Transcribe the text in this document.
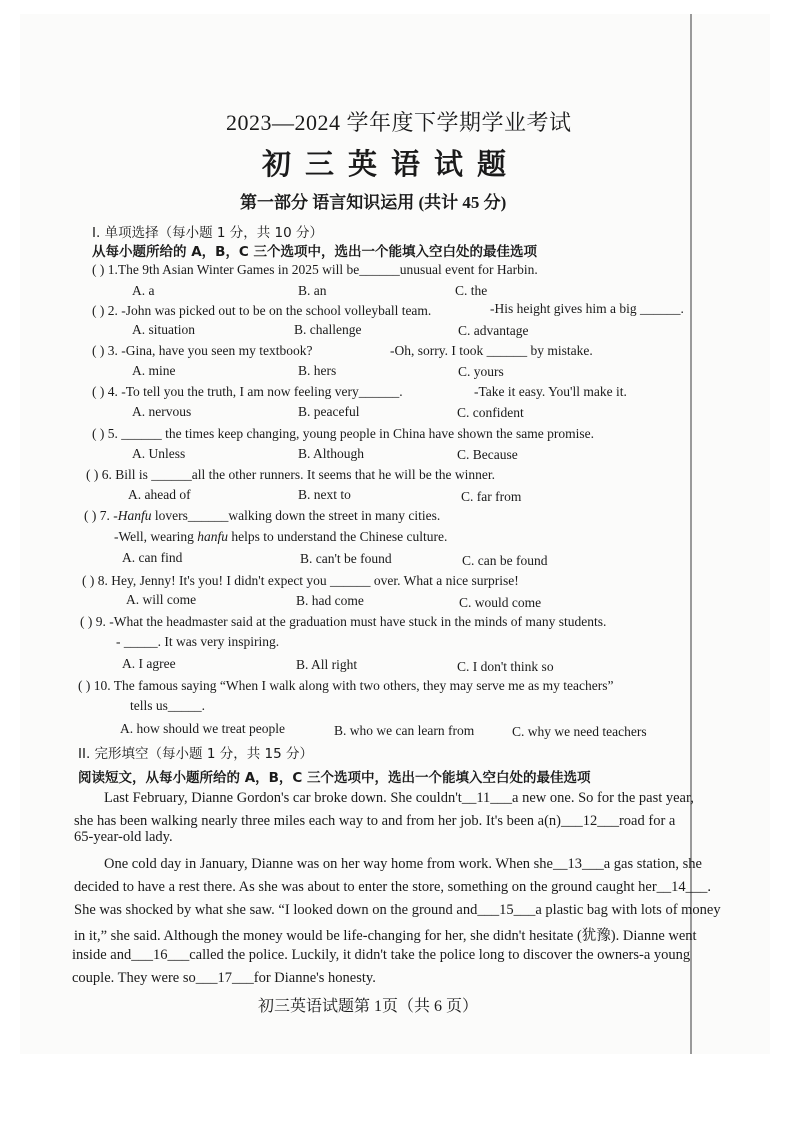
2023—2024 学年度下学期学业考试
初三英语试题
第一部分 语言知识运用 (共计 45 分)
I. 单项选择（每小题 1 分，共 10 分）
从每小题所给的 A，B，C 三个选项中，选出一个能填入空白处的最佳选项
( ) 1.The 9th Asian Winter Games in 2025 will be______unusual event for Harbin.
A. a	B. an	C. the
( ) 2. -John was picked out to be on the school volleyball team.	-His height gives him a big ______.
A. situation	B. challenge	C. advantage
( ) 3. -Gina, have you seen my textbook?	-Oh, sorry. I took ______ by mistake.
A. mine	B. hers	C. yours
( ) 4. -To tell you the truth, I am now feeling very______.	-Take it easy. You'll make it.
A. nervous	B. peaceful	C. confident
( ) 5. ______ the times keep changing, young people in China have shown the same promise.
A. Unless	B. Although	C. Because
( ) 6. Bill is ______all the other runners. It seems that he will be the winner.
A. ahead of	B. next to	C. far from
( ) 7. -Hanfu lovers______walking down the street in many cities.
-Well, wearing hanfu helps to understand the Chinese culture.
A. can find	B. can't be found	C. can be found
( ) 8. Hey, Jenny! It's you! I didn't expect you ______ over. What a nice surprise!
A. will come	B. had come	C. would come
( ) 9. -What the headmaster said at the graduation must have stuck in the minds of many students.
- _____. It was very inspiring.
A. I agree	B. All right	C. I don't think so
( ) 10. The famous saying “When I walk along with two others, they may serve me as my teachers”
tells us_____.
A. how should we treat people	B. who we can learn from	C. why we need teachers
II. 完形填空（每小题 1 分，共 15 分）
阅读短文，从每小题所给的 A，B，C 三个选项中，选出一个能填入空白处的最佳选项
Last February, Dianne Gordon's car broke down. She couldn't__11___a new one. So for the past year,
she has been walking nearly three miles each way to and from her job. It's been a(n)___12___road for a
65-year-old lady.
One cold day in January, Dianne was on her way home from work. When she__13___a gas station, she
decided to have a rest there. As she was about to enter the store, something on the ground caught her__14___.
She was shocked by what she saw. “I looked down on the ground and___15___a plastic bag with lots of money
in it,” she said. Although the money would be life-changing for her, she didn't hesitate (犹豫). Dianne went
inside and___16___called the police. Luckily, it didn't take the police long to discover the owners-a young
couple. They were so___17___for Dianne's honesty.
初三英语试题第 1页（共 6 页）
